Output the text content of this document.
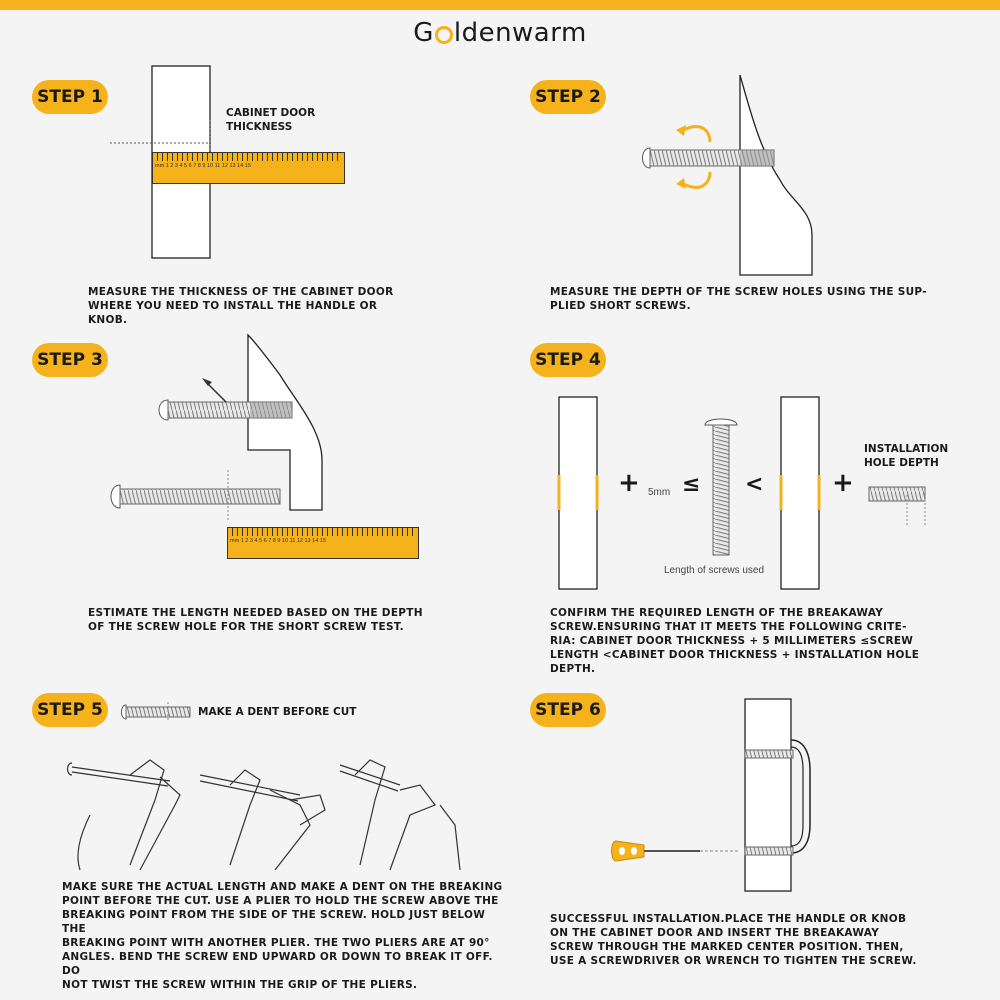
G ldenwarm
STEP 1
CABINET DOOR
THICKNESS
mm 1 2 3 4 5 6 7 8 9 10 11 12 13 14 15
MEASURE THE THICKNESS OF THE CABINET DOOR
WHERE YOU NEED TO INSTALL THE HANDLE OR
KNOB.
STEP 2
MEASURE THE DEPTH OF THE SCREW HOLES USING THE SUP-
PLIED SHORT SCREWS.
STEP 3
mm 1 2 3 4 5 6 7 8 9 10 11 12 13 14 15
ESTIMATE THE LENGTH NEEDED BASED ON THE DEPTH
OF THE SCREW HOLE FOR THE SHORT SCREW TEST.
STEP 4
+ 5mm ≤ <	+
Length of screws used
INSTALLATION
HOLE DEPTH
CONFIRM THE REQUIRED LENGTH OF THE BREAKAWAY
SCREW.ENSURING THAT IT MEETS THE FOLLOWING CRITE-
RIA: CABINET DOOR THICKNESS + 5 MILLIMETERS ≤SCREW
LENGTH <CABINET DOOR THICKNESS + INSTALLATION HOLE
DEPTH.
STEP 5	MAKE A DENT BEFORE CUT
MAKE SURE THE ACTUAL LENGTH AND MAKE A DENT ON THE BREAKING
POINT BEFORE THE CUT. USE A PLIER TO HOLD THE SCREW ABOVE THE
BREAKING POINT FROM THE SIDE OF THE SCREW. HOLD JUST BELOW THE
BREAKING POINT WITH ANOTHER PLIER. THE TWO PLIERS ARE AT 90°
ANGLES. BEND THE SCREW END UPWARD OR DOWN TO BREAK IT OFF. DO
NOT TWIST THE SCREW WITHIN THE GRIP OF THE PLIERS.
STEP 6
SUCCESSFUL INSTALLATION.PLACE THE HANDLE OR KNOB
ON THE CABINET DOOR AND INSERT THE BREAKAWAY
SCREW THROUGH THE MARKED CENTER POSITION. THEN,
USE A SCREWDRIVER OR WRENCH TO TIGHTEN THE SCREW.
